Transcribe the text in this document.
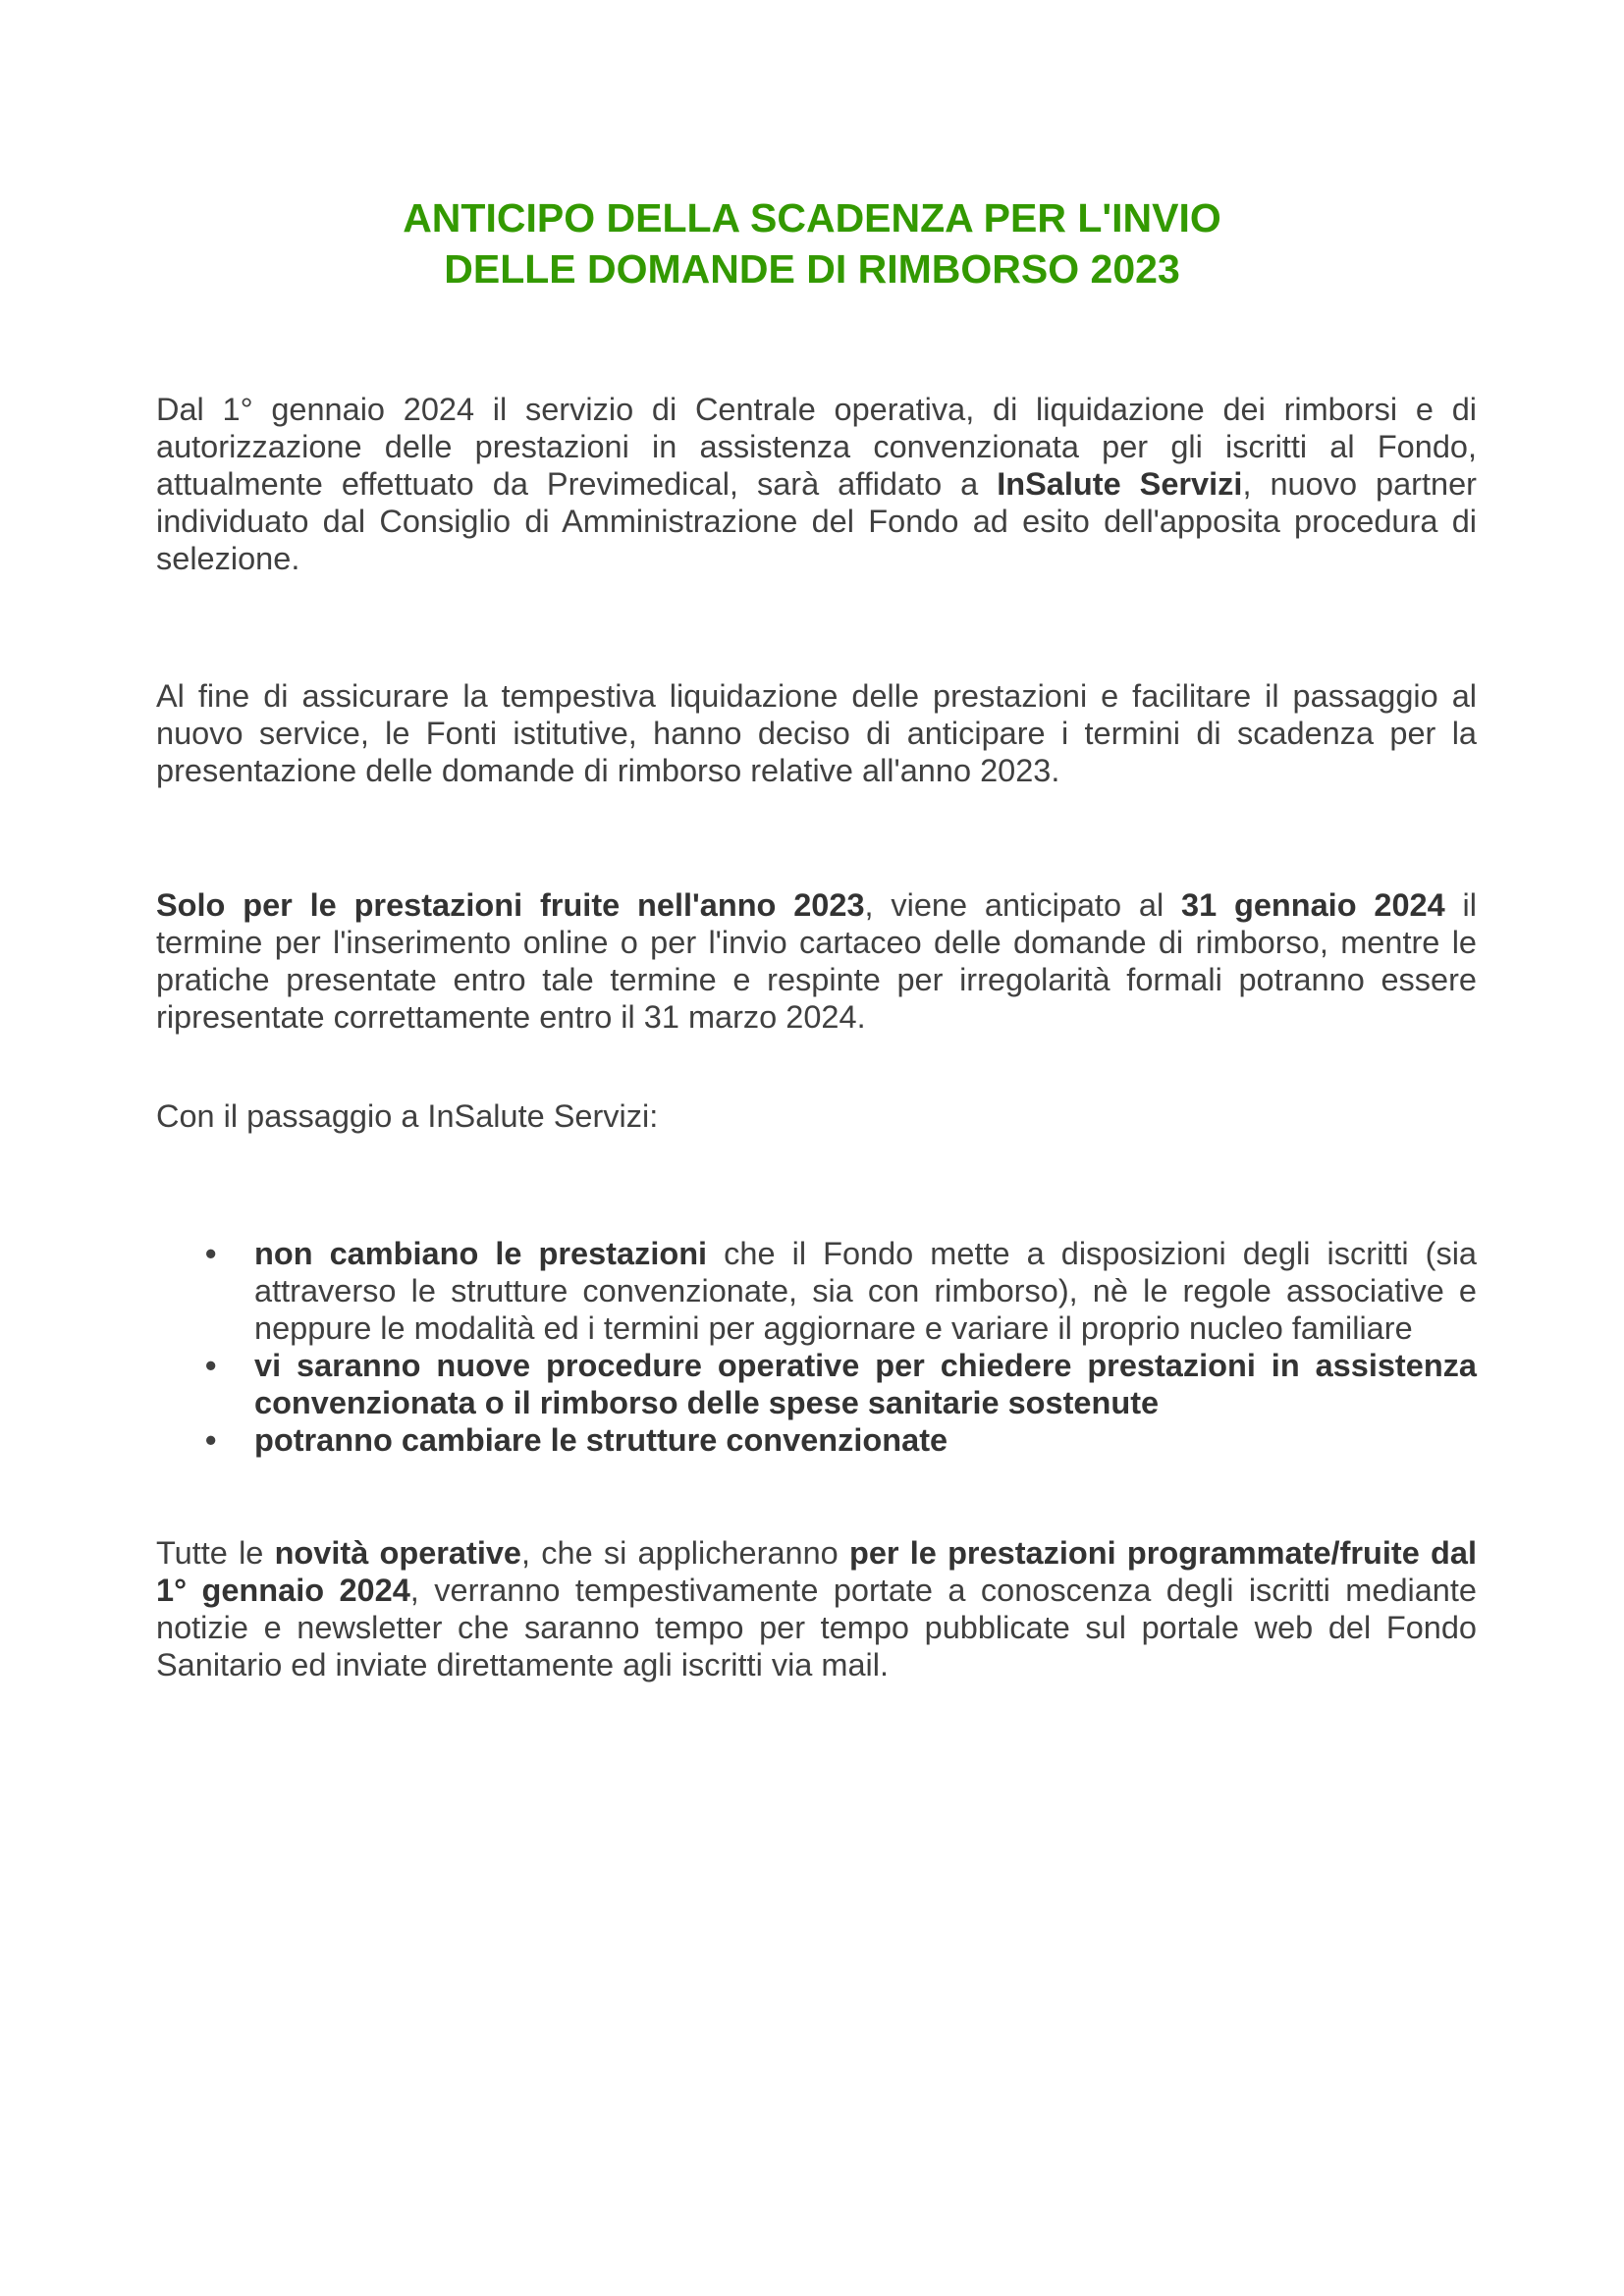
ANTICIPO DELLA SCADENZA PER L'INVIO
DELLE DOMANDE DI RIMBORSO 2023

Dal 1° gennaio 2024 il servizio di Centrale operativa, di liquidazione dei rimborsi e di autorizzazione delle prestazioni in assistenza convenzionata per gli iscritti al Fondo, attualmente effettuato da Previmedical, sarà affidato a InSalute Servizi, nuovo partner individuato dal Consiglio di Amministrazione del Fondo ad esito dell'apposita procedura di selezione.

Al fine di assicurare la tempestiva liquidazione delle prestazioni e facilitare il passaggio al nuovo service, le Fonti istitutive, hanno deciso di anticipare i termini di scadenza per la presentazione delle domande di rimborso relative all'anno 2023.

Solo per le prestazioni fruite nell'anno 2023, viene anticipato al 31 gennaio 2024 il termine per l'inserimento online o per l'invio cartaceo delle domande di rimborso, mentre le pratiche presentate entro tale termine e respinte per irregolarità formali potranno essere ripresentate correttamente entro il 31 marzo 2024.

Con il passaggio a InSalute Servizi:

• non cambiano le prestazioni che il Fondo mette a disposizioni degli iscritti (sia attraverso le strutture convenzionate, sia con rimborso), nè le regole associative e neppure le modalità ed i termini per aggiornare e variare il proprio nucleo familiare
• vi saranno nuove procedure operative per chiedere prestazioni in assistenza convenzionata o il rimborso delle spese sanitarie sostenute
• potranno cambiare le strutture convenzionate

Tutte le novità operative, che si applicheranno per le prestazioni programmate/fruite dal 1° gennaio 2024, verranno tempestivamente portate a conoscenza degli iscritti mediante notizie e newsletter che saranno tempo per tempo pubblicate sul portale web del Fondo Sanitario ed inviate direttamente agli iscritti via mail.
